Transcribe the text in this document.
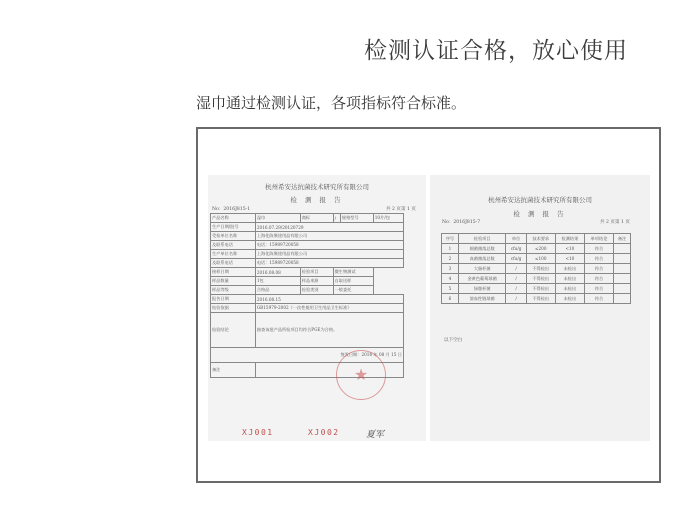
检测认证合格，放心使用
湿巾通过检测认证，各项指标符合标准。
杭州希安达抗菌技术研究所有限公司
检 测 报 告
No：2016J815-1	共 2 页第 1 页
产品名称	湿巾	商标	/	规格型号	10片/包
生产日期/批号	2016.07.29/20120729				
受检单位名称	上海化陈聚途用品有限公司				
及联系电话	电话：15989720058				
生产单位名称	上海化陈聚途用品有限公司				
及联系电话	电话：15989720058				
接样日期	2016.08.08	检验项目	微生物测试		
样品数量	1包	样品来源	自取送样		
样品等级	合格品	检验类别	一般委托		
报告日期	2016.08.15				
检验依据	GB15979-2002《一次性使用卫生用品卫生标准》				
检验结论	抽查该批产品所检项目均符合PGE为合格。				
签发日期：2016 年 08 月 15 日					
备注						★
XJ001	XJ002	夏军
杭州希安达抗菌技术研究所有限公司
检 测 报 告
No：2016J815-7	共 2 页第 1 页
序号	检验项目	单位	技术要求	检测结果	单项结论	备注
1	细菌菌落总数	cfu/g	≤200	<10	符合	
2	真菌菌落总数	cfu/g	≤100	<10	符合	
3	大肠杆菌	/	不得检出	未检出	符合	
4	金黄色葡萄球菌	/	不得检出	未检出	符合	
5	绿脓杆菌	/	不得检出	未检出	符合	
6	溶血性链球菌	/	不得检出	未检出	符合	
以下空白
